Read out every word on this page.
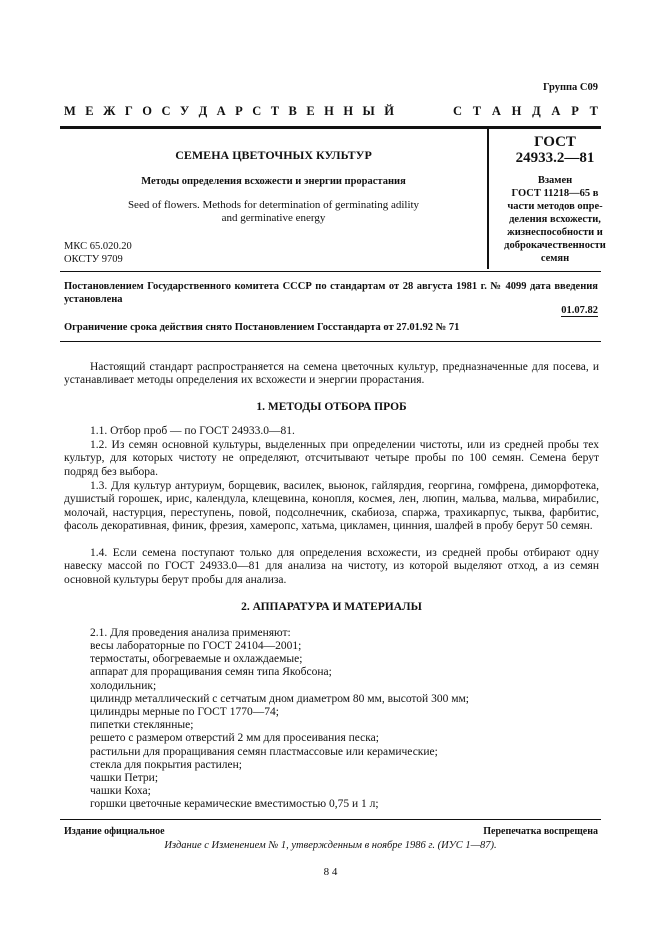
Группа С09
М Е Ж Г О С У Д А Р С Т В Е Н Н Ы Й	С Т А Н Д А Р Т
СЕМЕНА ЦВЕТОЧНЫХ КУЛЬТУР
Методы определения всхожести и энергии прорастания
Seed of flowers. Methods for determination of germinating adility
and germinative energy
МКС 65.020.20
ОКСТУ 9709
ГОСТ
24933.2—81
Взамен
ГОСТ 11218—65 в
части методов опре-
деления всхожести,
жизнеспособности и
доброкачественности
семян
Постановлением Государственного комитета СССР по стандартам от 28 августа 1981 г. № 4099 дата введения установлена
01.07.82
Ограничение срока действия снято Постановлением Госстандарта от 27.01.92 № 71
Настоящий стандарт распространяется на семена цветочных культур, предназначенные для посева, и устанавливает методы определения их всхожести и энергии прорастания.
1. МЕТОДЫ ОТБОРА ПРОБ
1.1. Отбор проб — по ГОСТ 24933.0—81.
1.2. Из семян основной культуры, выделенных при определении чистоты, или из средней пробы тех культур, для которых чистоту не определяют, отсчитывают четыре пробы по 100 семян. Семена берут подряд без выбора.
1.3. Для культур антуриум, борщевик, василек, вьюнок, гайлярдия, георгина, гомфрена, диморфотека, душистый горошек, ирис, календула, клещевина, конопля, космея, лен, люпин, мальва, мальва, мирабилис, молочай, настурция, переступень, повой, подсолнечник, скабиоза, спаржа, трахикарпус, тыква, фарбитис, фасоль декоративная, финик, фрезия, хамеропс, хатьма, цикламен, цинния, шалфей в пробу берут 50 семян.
1.4. Если семена поступают только для определения всхожести, из средней пробы отбирают одну навеску массой по ГОСТ 24933.0—81 для анализа на чистоту, из которой выделяют отход, а из семян основной культуры берут пробы для анализа.
2. АППАРАТУРА И МАТЕРИАЛЫ
2.1. Для проведения анализа применяют:
весы лабораторные по ГОСТ 24104—2001;
термостаты, обогреваемые и охлаждаемые;
аппарат для проращивания семян типа Якобсона;
холодильник;
цилиндр металлический с сетчатым дном диаметром 80 мм, высотой 300 мм;
цилиндры мерные по ГОСТ 1770—74;
пипетки стеклянные;
решето с размером отверстий 2 мм для просеивания песка;
растильни для проращивания семян пластмассовые или керамические;
стекла для покрытия растилен;
чашки Петри;
чашки Коха;
горшки цветочные керамические вместимостью 0,75 и 1 л;
Издание официальное	Перепечатка воспрещена
Издание с Изменением № 1, утвержденным в ноябре 1986 г. (ИУС 1—87).
8 4
